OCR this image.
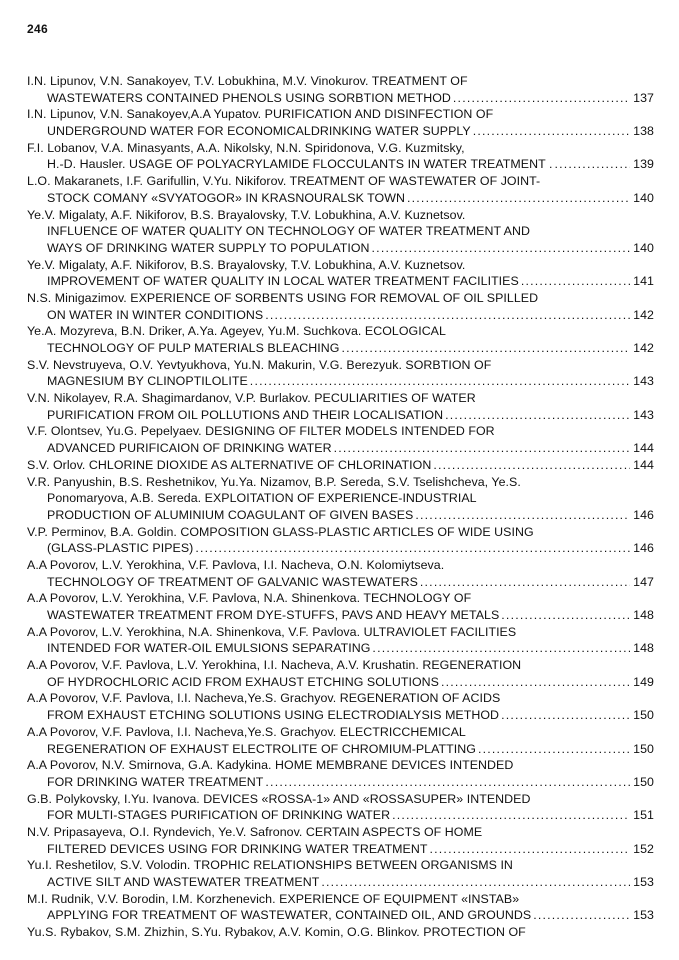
246
I.N. Lipunov, V.N. Sanakoyev, T.V. Lobukhina, M.V. Vinokurov. TREATMENT OF
WASTEWATERS CONTAINED PHENOLS USING SORBTION METHOD .....	137
I.N. Lipunov, V.N. Sanakoyev,A.A Yupatov. PURIFICATION AND DISINFECTION OF
UNDERGROUND WATER FOR ECONOMICALDRINKING WATER SUPPLY .....	138
F.I. Lobanov, V.A. Minasyants, A.A. Nikolsky, N.N. Spiridonova, V.G. Kuzmitsky,
H.-D. Hausler. USAGE OF POLYACRYLAMIDE FLOCCULANTS IN WATER TREATMENT . .....	139
L.O. Makaranets, I.F. Garifullin, V.Yu. Nikiforov. TREATMENT OF WASTEWATER OF JOINT-
STOCK COMANY «SVYATOGOR» IN KRASNOURALSK TOWN .....	140
Ye.V. Migalaty, A.F. Nikiforov, B.S. Brayalovsky, T.V. Lobukhina, A.V. Kuznetsov.
INFLUENCE OF WATER QUALITY ON TECHNOLOGY OF WATER TREATMENT AND
WAYS OF DRINKING WATER SUPPLY TO POPULATION .....	140
Ye.V. Migalaty, A.F. Nikiforov, B.S. Brayalovsky, T.V. Lobukhina, A.V. Kuznetsov.
IMPROVEMENT OF WATER QUALITY IN LOCAL WATER TREATMENT FACILITIES .....	141
N.S. Minigazimov. EXPERIENCE OF SORBENTS USING FOR REMOVAL OF OIL SPILLED
ON WATER IN WINTER CONDITIONS .....	142
Ye.A. Mozyreva, B.N. Driker, A.Ya. Ageyev, Yu.M. Suchkova. ECOLOGICAL
TECHNOLOGY OF PULP MATERIALS BLEACHING .....	142
S.V. Nevstruyeva, O.V. Yevtyukhova, Yu.N. Makurin, V.G. Berezyuk. SORBTION OF
MAGNESIUM BY CLINOPTILOLITE .....	143
V.N. Nikolayev, R.A. Shagimardanov, V.P. Burlakov. PECULIARITIES OF WATER
PURIFICATION FROM OIL POLLUTIONS AND THEIR LOCALISATION .....	143
V.F. Olontsev, Yu.G. Pepelyaev. DESIGNING OF FILTER MODELS INTENDED FOR
ADVANCED PURIFICAION OF DRINKING WATER .....	144
S.V. Orlov. CHLORINE DIOXIDE AS ALTERNATIVE OF CHLORINATION .....	144
V.R. Panyushin, B.S. Reshetnikov, Yu.Ya. Nizamov, B.P. Sereda, S.V. Tselishcheva, Ye.S.
Ponomaryova, A.B. Sereda. EXPLOITATION OF EXPERIENCE-INDUSTRIAL
PRODUCTION OF ALUMINIUM COAGULANT OF GIVEN BASES .....	146
V.P. Perminov, B.A. Goldin. COMPOSITION GLASS-PLASTIC ARTICLES OF WIDE USING
(GLASS-PLASTIC PIPES) .....	146
A.A Povorov, L.V. Yerokhina, V.F. Pavlova, I.I. Nacheva, O.N. Kolomiytseva.
TECHNOLOGY OF TREATMENT OF GALVANIC WASTEWATERS .....	147
A.A Povorov, L.V. Yerokhina, V.F. Pavlova, N.A. Shinenkova. TECHNOLOGY OF
WASTEWATER TREATMENT FROM DYE-STUFFS, PAVS AND HEAVY METALS .....	148
A.A Povorov, L.V. Yerokhina, N.A. Shinenkova, V.F. Pavlova. ULTRAVIOLET FACILITIES
INTENDED FOR WATER-OIL EMULSIONS SEPARATING .....	148
A.A Povorov, V.F. Pavlova, L.V. Yerokhina, I.I. Nacheva, A.V. Krushatin. REGENERATION
OF HYDROCHLORIC ACID FROM EXHAUST ETCHING SOLUTIONS .....	149
A.A Povorov, V.F. Pavlova, I.I. Nacheva,Ye.S. Grachyov. REGENERATION OF ACIDS
FROM EXHAUST ETCHING SOLUTIONS USING ELECTRODIALYSIS METHOD .....	150
A.A Povorov, V.F. Pavlova, I.I. Nacheva,Ye.S. Grachyov. ELECTRICCHEMICAL
REGENERATION OF EXHAUST ELECTROLITE OF CHROMIUM-PLATTING .....	150
A.A Povorov, N.V. Smirnova, G.A. Kadykina. HOME MEMBRANE DEVICES INTENDED
FOR DRINKING WATER TREATMENT .....	150
G.B. Polykovsky, I.Yu. Ivanova. DEVICES «ROSSA-1» AND «ROSSASUPER» INTENDED
FOR MULTI-STAGES PURIFICATION OF DRINKING WATER .....	151
N.V. Pripasayeva, O.I. Ryndevich, Ye.V. Safronov. CERTAIN ASPECTS OF HOME
FILTERED DEVICES USING FOR DRINKING WATER TREATMENT .....	152
Yu.I. Reshetilov, S.V. Volodin. TROPHIC RELATIONSHIPS BETWEEN ORGANISMS IN
ACTIVE SILT AND WASTEWATER TREATMENT .....	153
M.I. Rudnik, V.V. Borodin, I.M. Korzhenevich. EXPERIENCE OF EQUIPMENT «INSTAB»
APPLYING FOR TREATMENT OF WASTEWATER, CONTAINED OIL, AND GROUNDS .....	153
Yu.S. Rybakov, S.M. Zhizhin, S.Yu. Rybakov, A.V. Komin, O.G. Blinkov. PROTECTION OF
